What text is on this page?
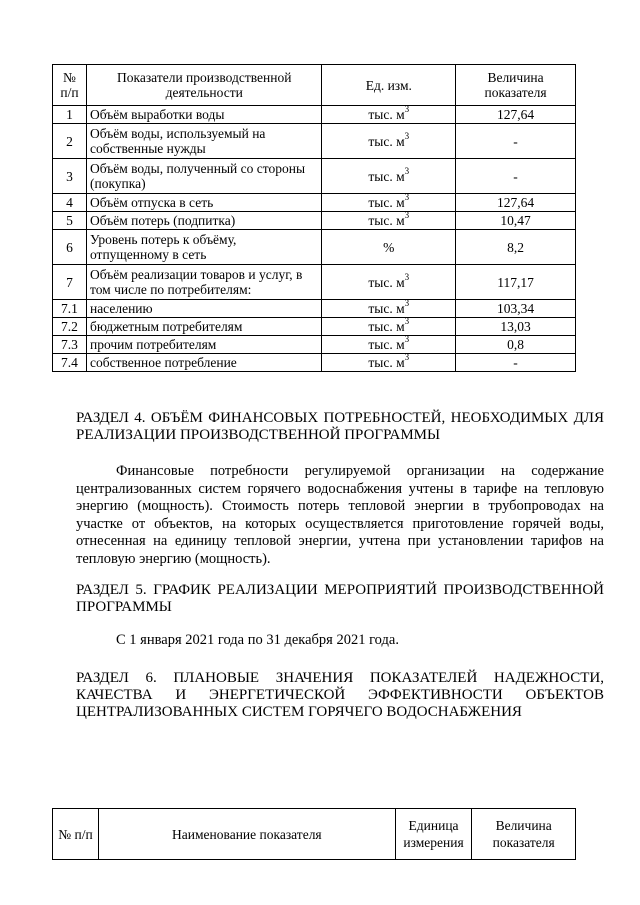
№ п/п	Показатели производственной деятельности	Ед. изм.	Величина показателя
1	Объём выработки воды	тыс. $м^3$	127,64
2	Объём воды, используемый на собственные нужды	тыс. $м^3$	-
3	Объём воды, полученный со стороны (покупка)	тыс. $м^3$	-
4	Объём отпуска в сеть	тыс. $м^3$	127,64
5	Объём потерь (подпитка)	тыс. $м^3$	10,47
6	Уровень потерь к объёму, отпущенному в сеть	%	8,2
7	Объём реализации товаров и услуг, в том числе по потребителям:	тыс. $м^3$	117,17
7.1	населению	тыс. $м^3$	103,34
7.2	бюджетным потребителям	тыс. $м^3$	13,03
7.3	прочим потребителям	тыс. $м^3$	0,8
7.4	собственное потребление	тыс. $м^3$	-
РАЗДЕЛ 4. ОБЪЁМ ФИНАНСОВЫХ ПОТРЕБНОСТЕЙ, НЕОБХОДИМЫХ ДЛЯ РЕАЛИЗАЦИИ ПРОИЗВОДСТВЕННОЙ ПРОГРАММЫ
Финансовые потребности регулируемой организации на содержание централизованных систем горячего водоснабжения учтены в тарифе на тепловую энергию (мощность). Стоимость потерь тепловой энергии в трубопроводах на участке от объектов, на которых осуществляется приготовление горячей воды, отнесенная на единицу тепловой энергии, учтена при установлении тарифов на тепловую энергию (мощность).
РАЗДЕЛ 5. ГРАФИК РЕАЛИЗАЦИИ МЕРОПРИЯТИЙ ПРОИЗВОДСТВЕННОЙ ПРОГРАММЫ
С 1 января 2021 года по 31 декабря 2021 года.
РАЗДЕЛ 6. ПЛАНОВЫЕ ЗНАЧЕНИЯ ПОКАЗАТЕЛЕЙ НАДЕЖНОСТИ, КАЧЕСТВА И ЭНЕРГЕТИЧЕСКОЙ ЭФФЕКТИВНОСТИ ОБЪЕКТОВ ЦЕНТРАЛИЗОВАННЫХ СИСТЕМ ГОРЯЧЕГО ВОДОСНАБЖЕНИЯ
№ п/п	Наименование показателя	Единица измерения	Величина показателя
